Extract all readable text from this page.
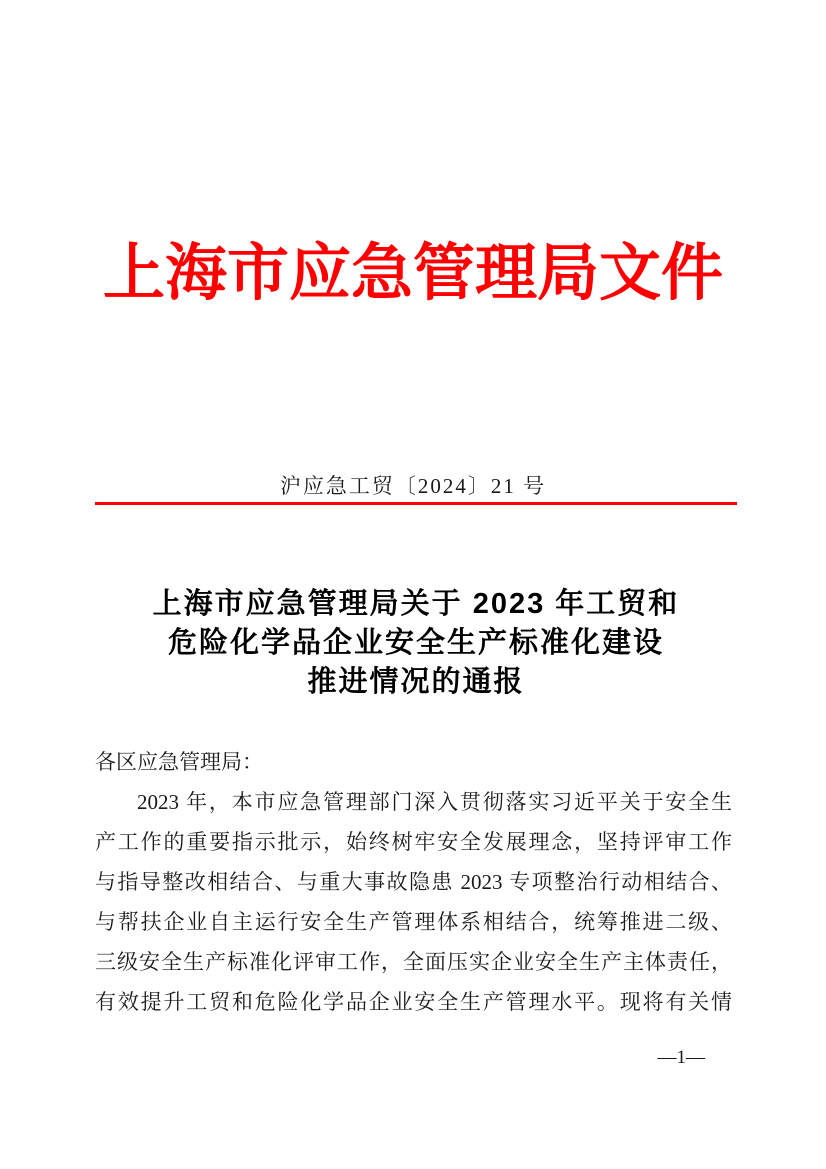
上海市应急管理局文件
沪应急工贸〔2024〕21 号
上海市应急管理局关于 2023 年工贸和
危险化学品企业安全生产标准化建设
推进情况的通报
各区应急管理局：
2023 年，本市应急管理部门深入贯彻落实习近平关于安全生
产工作的重要指示批示，始终树牢安全发展理念，坚持评审工作
与指导整改相结合、与重大事故隐患 2023 专项整治行动相结合、
与帮扶企业自主运行安全生产管理体系相结合，统筹推进二级、
三级安全生产标准化评审工作，全面压实企业安全生产主体责任，
有效提升工贸和危险化学品企业安全生产管理水平。现将有关情
—1—
